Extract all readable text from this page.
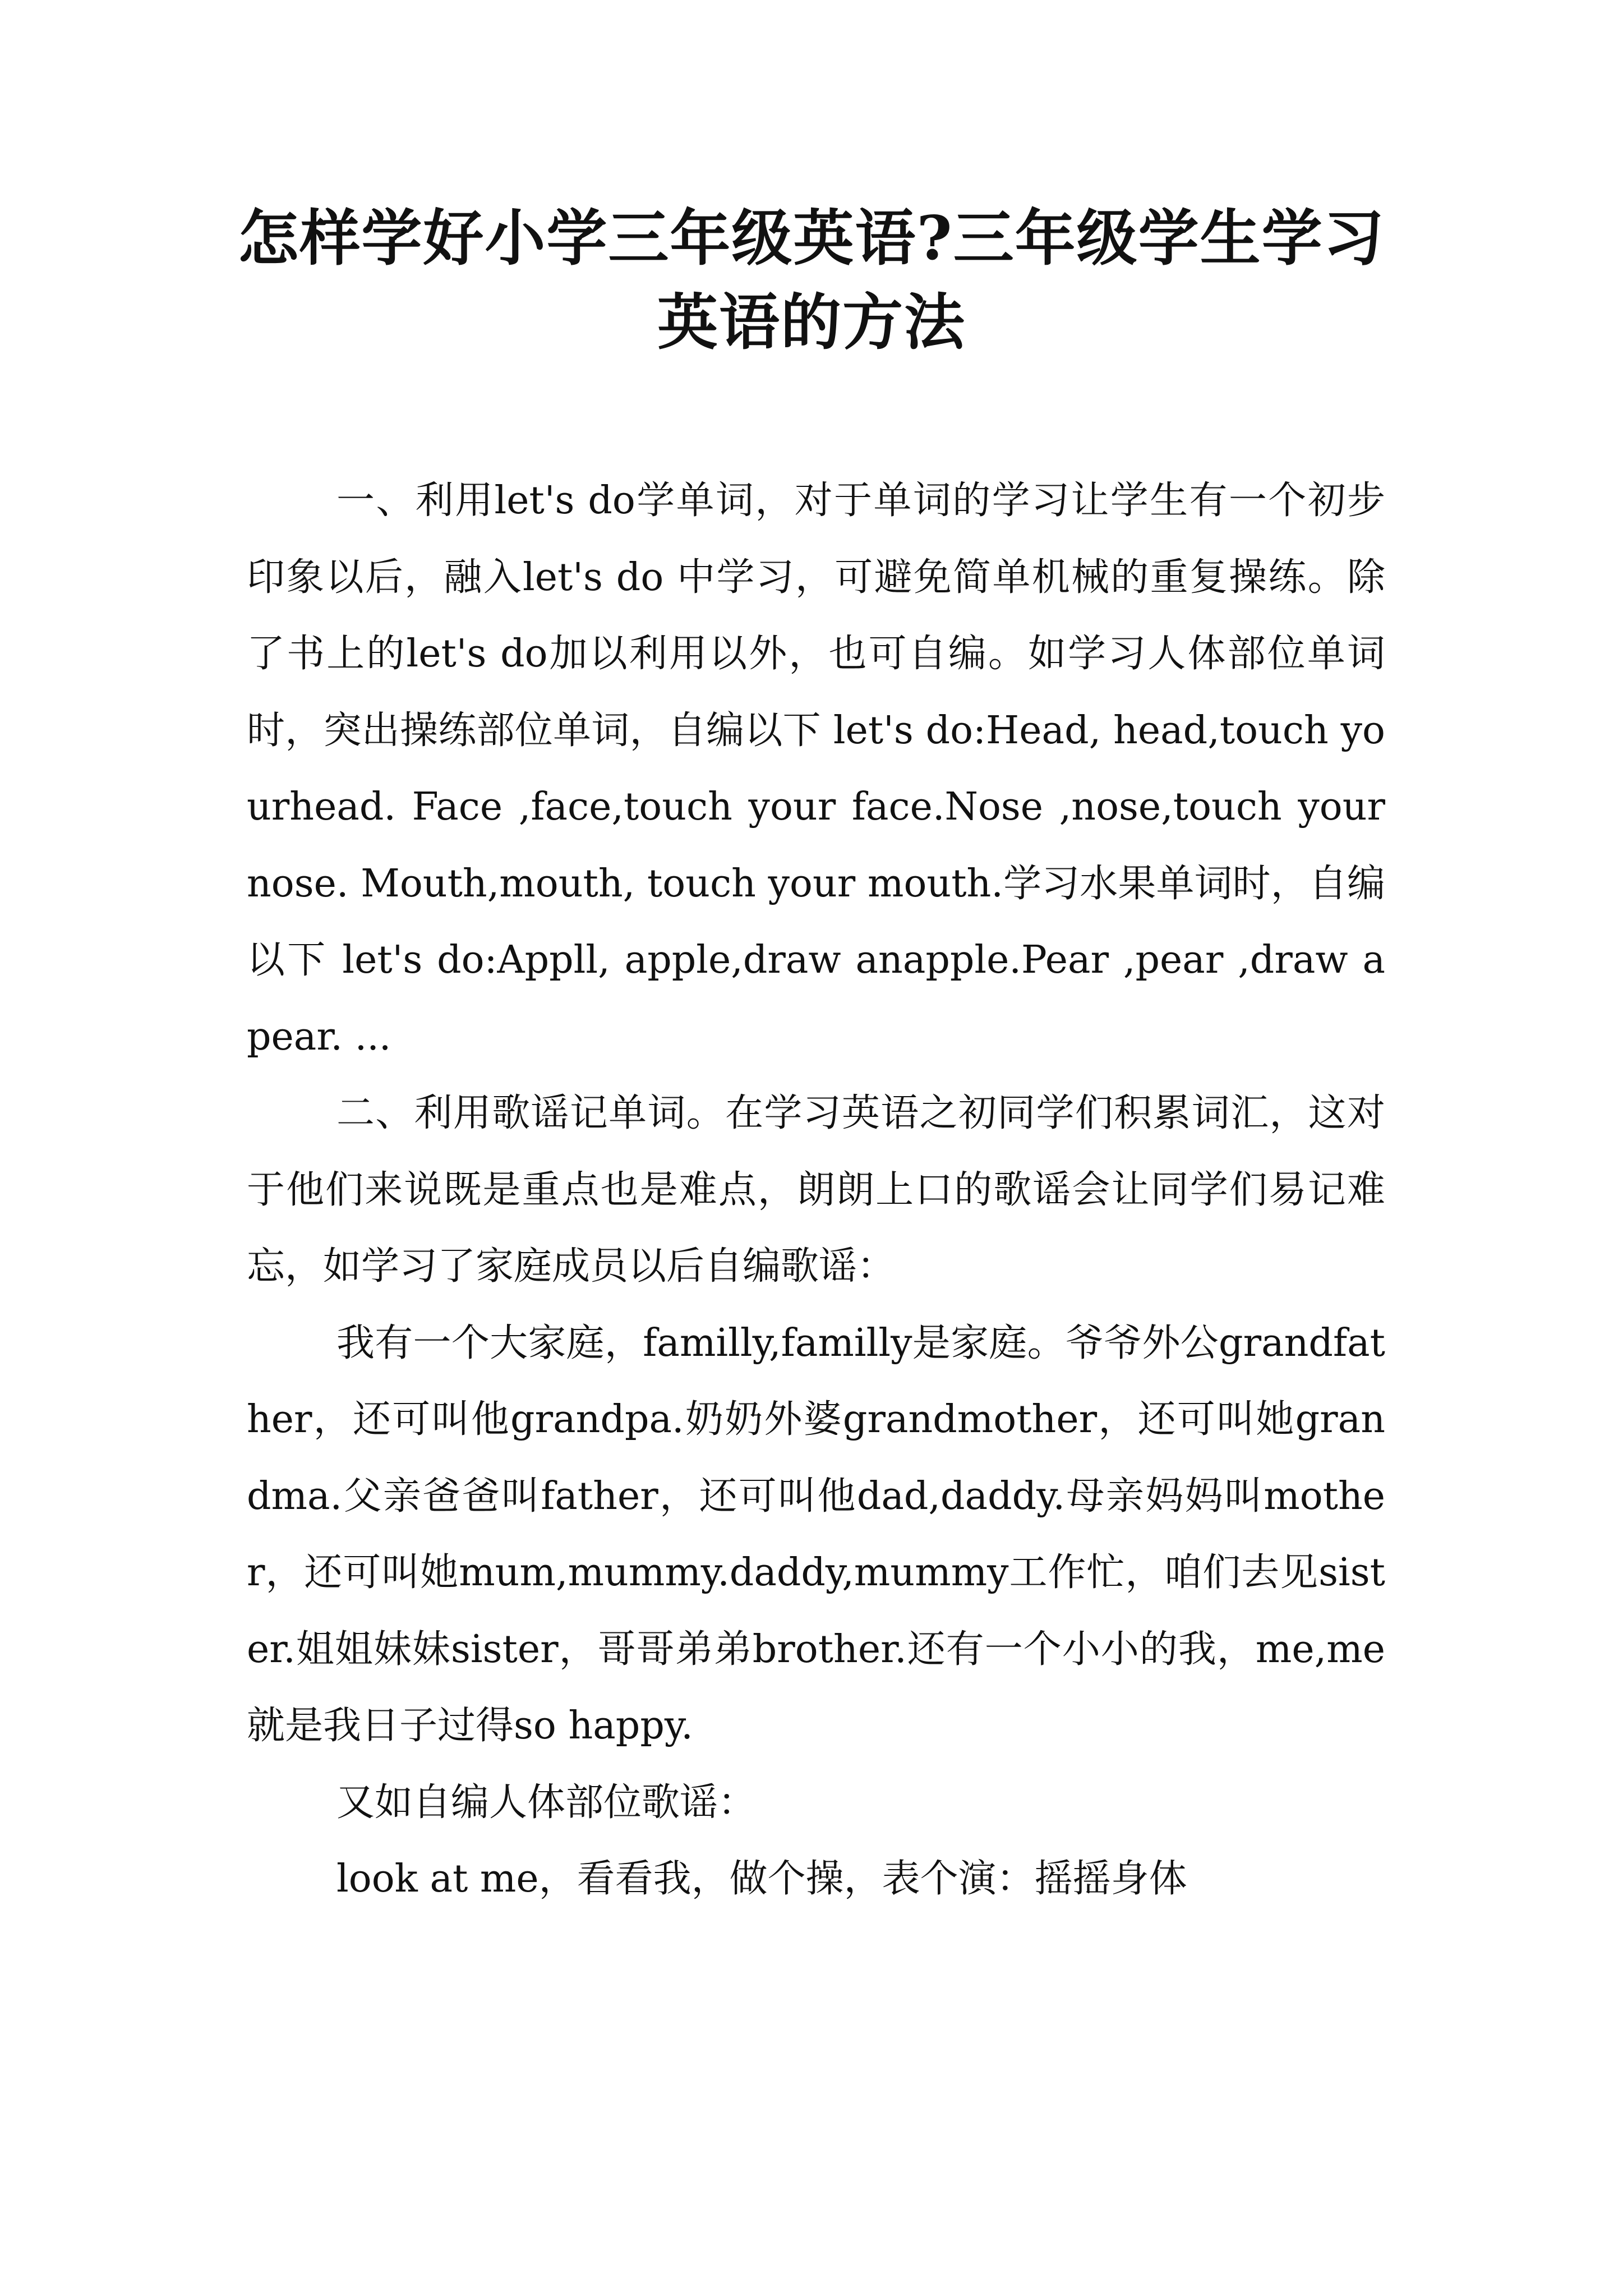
怎样学好小学三年级英语?三年级学生学习
英语的方法

一、利用let's do学单词，对于单词的学习让学生有一个初步印象以后，融入let's do 中学习，可避免简单机械的重复操练。除了书上的let's do加以利用以外，也可自编。如学习人体部位单词时，突出操练部位单词，自编以下 let's do:Head, head,touch yourhead. Face ,face,touch your face.Nose ,nose,touch yournose. Mouth,mouth, touch your mouth.学习水果单词时，自编以下 let's do:Appll, apple,draw anapple.Pear ,pear ,draw a pear. ...

二、利用歌谣记单词。在学习英语之初同学们积累词汇，这对于他们来说既是重点也是难点，朗朗上口的歌谣会让同学们易记难忘，如学习了家庭成员以后自编歌谣：

我有一个大家庭，familly,familly是家庭。爷爷外公grandfather，还可叫他grandpa.奶奶外婆grandmother，还可叫她grandma.父亲爸爸叫father，还可叫他dad,daddy.母亲妈妈叫mother，还可叫她mum,mummy.daddy,mummy工作忙，咱们去见sister.姐姐妹妹sister，哥哥弟弟brother.还有一个小小的我，me,me就是我日子过得so happy.

又如自编人体部位歌谣：

look at me，看看我，做个操，表个演：摇摇身体
